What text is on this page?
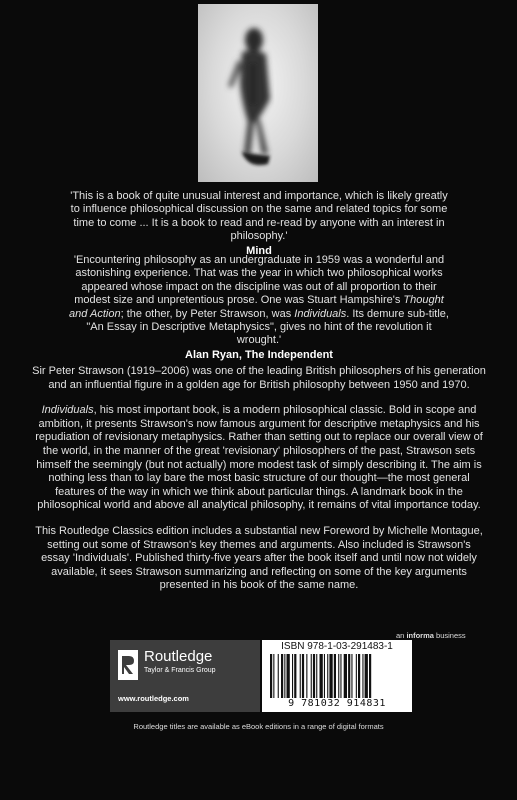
'This is a book of quite unusual interest and importance, which is likely greatly to influence philosophical discussion on the same and related topics for some time to come ... It is a book to read and re-read by anyone with an interest in philosophy.'
Mind
'Encountering philosophy as an undergraduate in 1959 was a wonderful and astonishing experience. That was the year in which two philosophical works appeared whose impact on the discipline was out of all proportion to their modest size and unpretentious prose. One was Stuart Hampshire's Thought and Action; the other, by Peter Strawson, was Individuals. Its demure sub-title, "An Essay in Descriptive Metaphysics", gives no hint of the revolution it wrought.'
Alan Ryan, The Independent

Sir Peter Strawson (1919–2006) was one of the leading British philosophers of his generation and an influential figure in a golden age for British philosophy between 1950 and 1970.

Individuals, his most important book, is a modern philosophical classic. Bold in scope and ambition, it presents Strawson's now famous argument for descriptive metaphysics and his repudiation of revisionary metaphysics. Rather than setting out to replace our overall view of the world, in the manner of the great 'revisionary' philosophers of the past, Strawson sets himself the seemingly (but not actually) more modest task of simply describing it. The aim is nothing less than to lay bare the most basic structure of our thought—the most general features of the way in which we think about particular things. A landmark book in the philosophical world and above all analytical philosophy, it remains of vital importance today.

This Routledge Classics edition includes a substantial new Foreword by Michelle Montague, setting out some of Strawson's key themes and arguments. Also included is Strawson's essay 'Individuals'. Published thirty-five years after the book itself and until now not widely available, it sees Strawson summarizing and reflecting on some of the key arguments presented in his book of the same name.

an informa business
Routledge
Taylor & Francis Group
www.routledge.com
ISBN 978-1-03-291483-1
9 781032 914831
Routledge titles are available as eBook editions in a range of digital formats
